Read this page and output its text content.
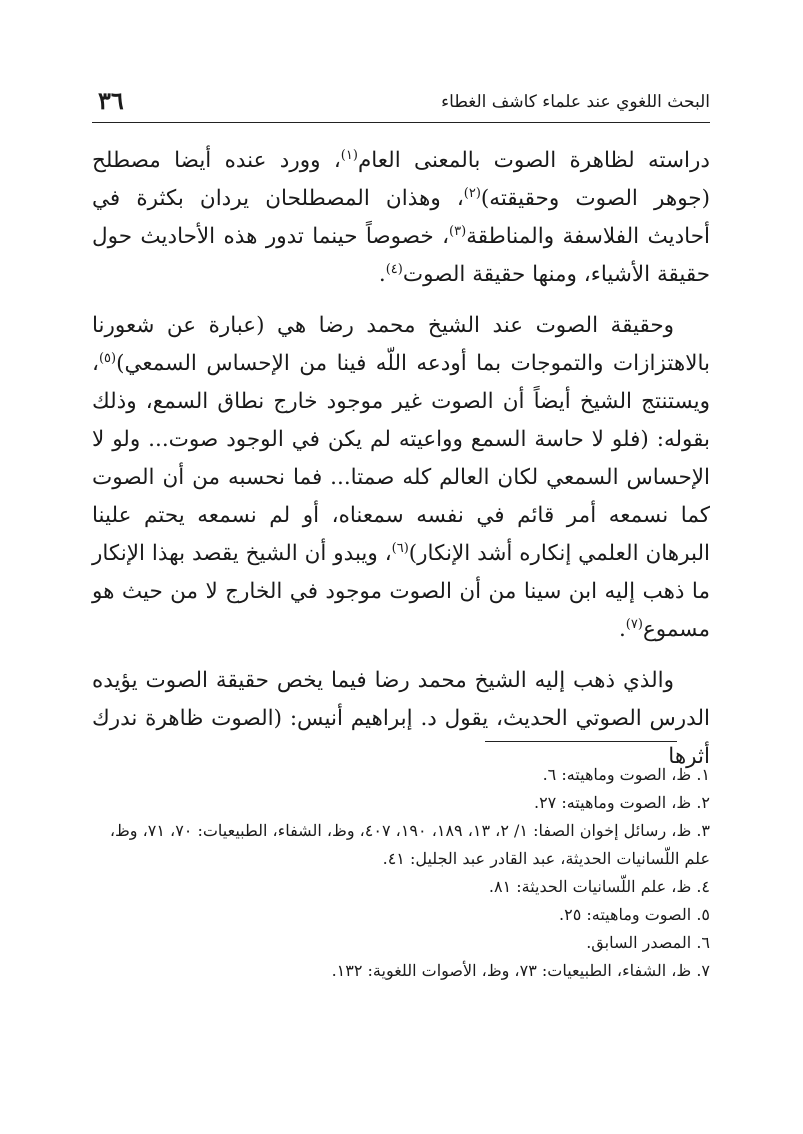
البحث اللغوي عند علماء كاشف الغطاء
٣٦

دراسته لظاهرة الصوت بالمعنى العام$^{(١)}$، وورد عنده أيضا مصطلح (جوهر الصوت وحقيقته)$^{(٢)}$، وهذان المصطلحان يردان بكثرة في أحاديث الفلاسفة والمناطقة$^{(٣)}$، خصوصاً حينما تدور هذه الأحاديث حول حقيقة الأشياء، ومنها حقيقة الصوت$^{(٤)}$.

وحقيقة الصوت عند الشيخ محمد رضا هي (عبارة عن شعورنا بالاهتزازات والتموجات بما أودعه اللّه فينا من الإحساس السمعي)$^{(٥)}$، ويستنتج الشيخ أيضاً أن الصوت غير موجود خارج نطاق السمع، وذلك بقوله: (فلو لا حاسة السمع وواعيته لم يكن في الوجود صوت... ولو لا الإحساس السمعي لكان العالم كله صمتا... فما نحسبه من أن الصوت كما نسمعه أمر قائم في نفسه سمعناه، أو لم نسمعه يحتم علينا البرهان العلمي إنكاره أشد الإنكار)$^{(٦)}$، ويبدو أن الشيخ يقصد بهذا الإنكار ما ذهب إليه ابن سينا من أن الصوت موجود في الخارج لا من حيث هو مسموع$^{(٧)}$.

والذي ذهب إليه الشيخ محمد رضا فيما يخص حقيقة الصوت يؤيده الدرس الصوتي الحديث، يقول د. إبراهيم أنيس: (الصوت ظاهرة ندرك أثرها

١. ظ، الصوت وماهيته: ٦.
٢. ظ، الصوت وماهيته: ٢٧.
٣. ظ، رسائل إخوان الصفا: ١/ ٢، ١٣، ١٨٩، ١٩٠، ٤٠٧، وظ، الشفاء، الطبيعيات: ٧٠، ٧١، وظ، علم اللّسانيات الحديثة، عبد القادر عبد الجليل: ٤١.
٤. ظ، علم اللّسانيات الحديثة: ٨١.
٥. الصوت وماهيته: ٢٥.
٦. المصدر السابق.
٧. ظ، الشفاء، الطبيعيات: ٧٣، وظ، الأصوات اللغوية: ١٣٢.
